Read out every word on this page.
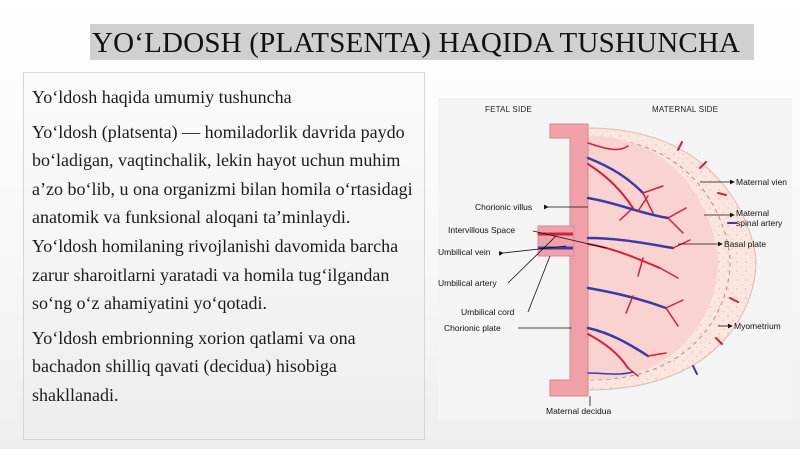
YO‘LDOSH (PLATSENTA) HAQIDA TUSHUNCHA

Yo‘ldosh haqida umumiy tushuncha

Yo‘ldosh (platsenta) — homiladorlik davrida paydo bo‘ladigan, vaqtinchalik, lekin hayot uchun muhim a’zo bo‘lib, u ona organizmi bilan homila o‘rtasidagi anatomik va funksional aloqani ta’minlaydi. Yo‘ldosh homilaning rivojlanishi davomida barcha zarur sharoitlarni yaratadi va homila tug‘ilgandan so‘ng o‘z ahamiyatini yo‘qotadi.

Yo‘ldosh embrionning xorion qatlami va ona bachadon shilliq qavati (decidua) hisobiga shakllanadi.

FETAL SIDE	MATERNAL SIDE
Chorionic villus
Intervillous Space
Umbilical vein
Umbilical artery
Umbilical cord
Chorionic plate
Maternal vien
Maternal
spinal artery
Basal plate
Myometrium
Maternal decidua
